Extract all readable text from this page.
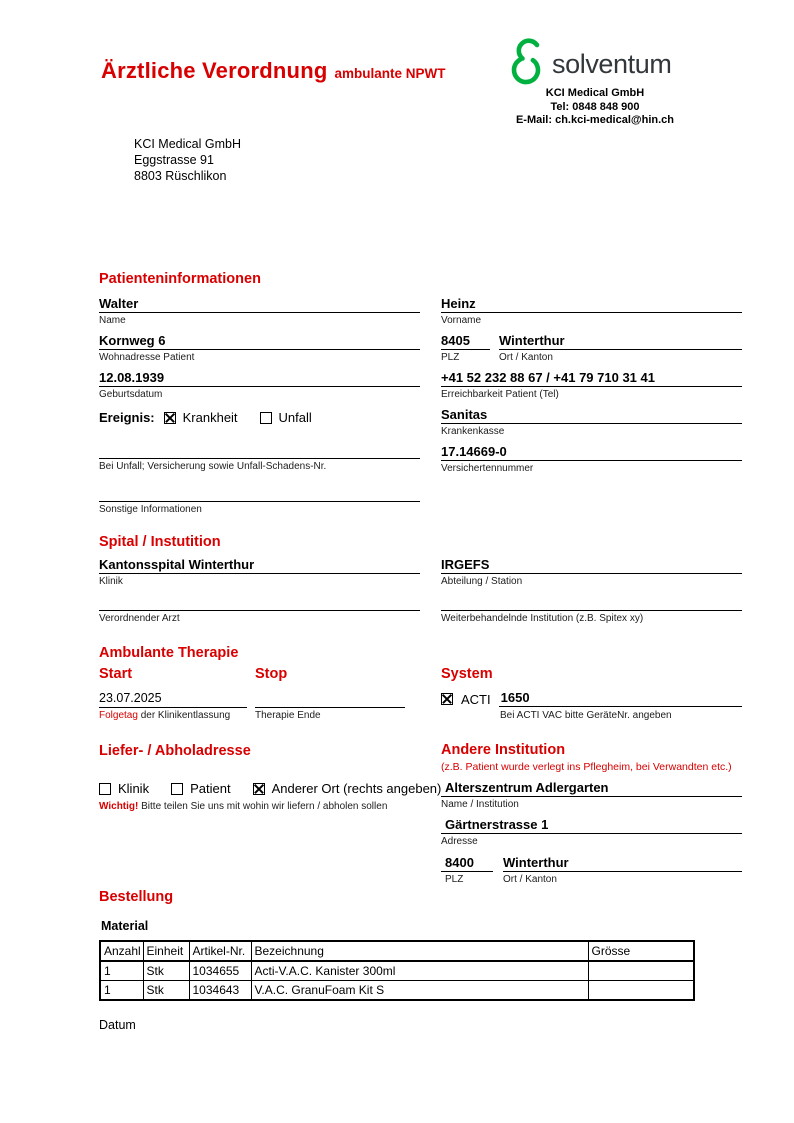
Ärztliche Verordnung ambulante NPWT	solventum
KCI Medical GmbH
Tel: 0848 848 900
E-Mail: ch.kci-medical@hin.ch
KCI Medical GmbH
Eggstrasse 91
8803 Rüschlikon
Patienteninformationen
Walter
Name
Kornweg 6
Wohnadresse Patient
12.08.1939
Geburtsdatum
Ereignis: Krankheit	Unfall
Bei Unfall; Versicherung sowie Unfall-Schadens-Nr.
Sonstige Informationen
Heinz
Vorname
8405
PLZ
Winterthur
Ort / Kanton
+41 52 232 88 67 / +41 79 710 31 41
Erreichbarkeit Patient (Tel)
Sanitas
Krankenkasse
17.14669-0
Versichertennummer
Spital / Instutition
Kantonsspital Winterthur
Klinik
Verordnender Arzt
IRGEFS
Abteilung / Station
Weiterbehandelnde Institution (z.B. Spitex xy)
Ambulante Therapie
Start	Stop
23.07.2025
Folgetag der Klinikentlassung	Therapie Ende
System
ACTI 1650
Bei ACTI VAC bitte GeräteNr. angeben
Liefer- / Abholadresse
Klinik	Patient	Anderer Ort (rechts angeben)
Wichtig! Bitte teilen Sie uns mit wohin wir liefern / abholen sollen
Andere Institution
(z.B. Patient wurde verlegt ins Pflegheim, bei Verwandten etc.)
Alterszentrum Adlergarten
Name / Institution
Gärtnerstrasse 1
Adresse
8400
PLZ
Winterthur
Ort / Kanton
Bestellung
Material
Anzahl	Einheit	Artikel-Nr.	Bezeichnung	Grösse
1	Stk	1034655	Acti-V.A.C. Kanister 300ml	
1	Stk	1034643	V.A.C. GranuFoam Kit S	
Datum
